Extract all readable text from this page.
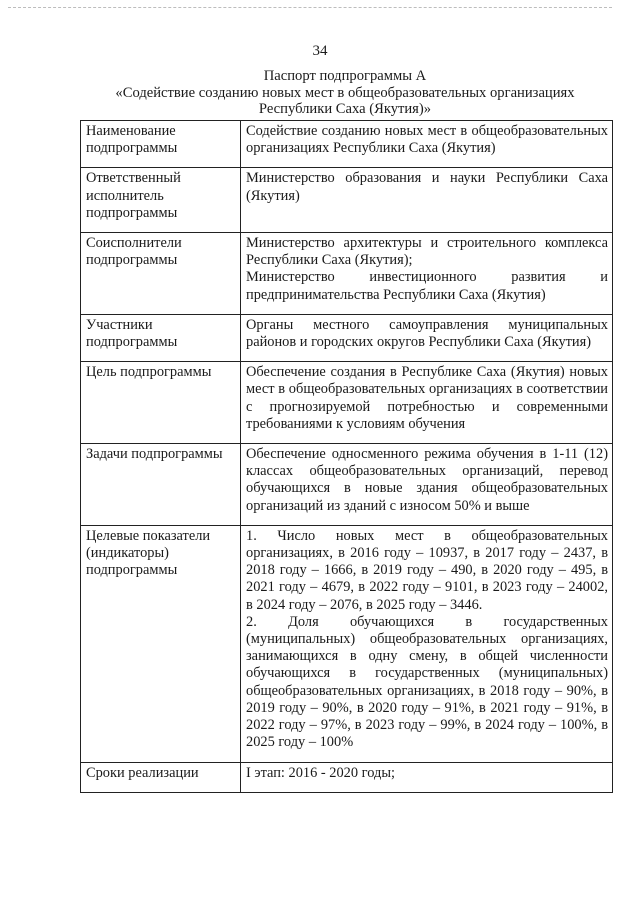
34
Паспорт подпрограммы А
«Содействие созданию новых мест в общеобразовательных организациях
Республики Саха (Якутия)»
Наименование подпрограммы	Содействие созданию новых мест в общеобразовательных организациях Республики Саха (Якутия)

Ответственный исполнитель подпрограммы	Министерство образования и науки Республики Саха (Якутия)

Соисполнители подпрограммы	Министерство архитектуры и строительного комплекса Республики Саха (Якутия);
Министерство инвестиционного развития и предпринимательства Республики Саха (Якутия)

Участники подпрограммы	Органы местного самоуправления муниципальных районов и городских округов Республики Саха (Якутия)

Цель подпрограммы	Обеспечение создания в Республике Саха (Якутия) новых мест в общеобразовательных организациях в соответствии с прогнозируемой потребностью и современными требованиями к условиям обучения

Задачи подпрограммы	Обеспечение односменного режима обучения в 1-11 (12) классах общеобразовательных организаций, перевод обучающихся в новые здания общеобразовательных организаций из зданий с износом 50% и выше

Целевые показатели (индикаторы) подпрограммы	1. Число новых мест в общеобразовательных организациях, в 2016 году – 10937, в 2017 году – 2437, в 2018 году – 1666, в 2019 году – 490, в 2020 году – 495, в 2021 году – 4679, в 2022 году – 9101, в 2023 году – 24002, в 2024 году – 2076, в 2025 году – 3446.
2. Доля обучающихся в государственных (муниципальных) общеобразовательных организациях, занимающихся в одну смену, в общей численности обучающихся в государственных (муниципальных) общеобразовательных организациях, в 2018 году – 90%, в 2019 году – 90%, в 2020 году – 91%, в 2021 году – 91%, в 2022 году – 97%, в 2023 году – 99%, в 2024 году – 100%, в 2025 году – 100%

Сроки реализации	I этап: 2016 - 2020 годы;
